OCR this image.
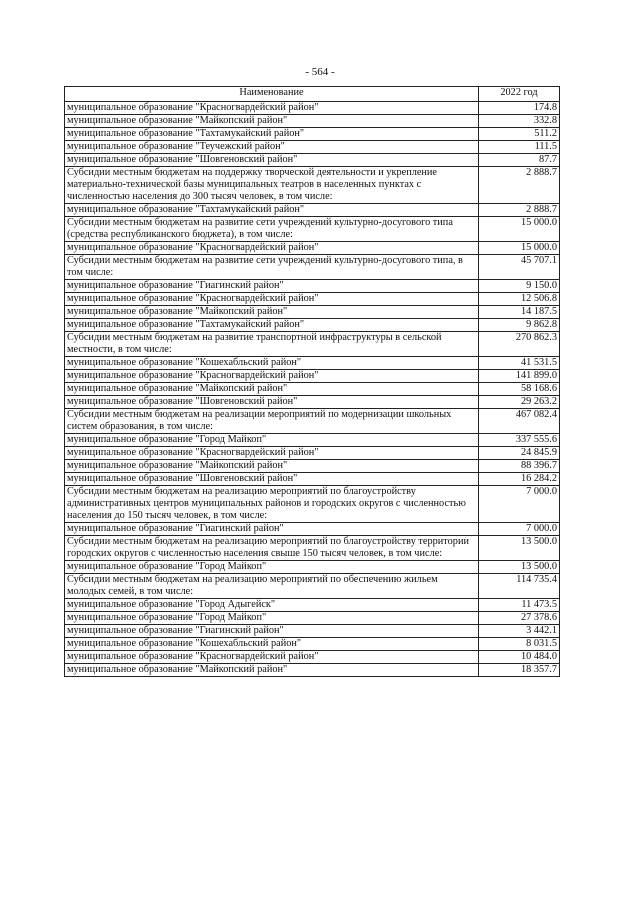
- 564 -
Наименование	2022 год
муниципальное образование "Красногвардейский район"	174.8
муниципальное образование "Майкопский район"	332.8
муниципальное образование "Тахтамукайский район"	511.2
муниципальное образование "Теучежский район"	111.5
муниципальное образование "Шовгеновский район"	87.7
Субсидии местным бюджетам на поддержку творческой деятельности и укрепление материально-технической базы муниципальных театров в населенных пунктах с численностью населения до 300 тысяч человек, в том числе:	2 888.7
муниципальное образование "Тахтамукайский район"	2 888.7
Субсидии местным бюджетам на развитие сети учреждений культурно-досугового типа (средства республиканского бюджета), в том числе:	15 000.0
муниципальное образование "Красногвардейский район"	15 000.0
Субсидии местным бюджетам на развитие сети учреждений культурно-досугового типа, в том числе:	45 707.1
муниципальное образование "Гиагинский район"	9 150.0
муниципальное образование "Красногвардейский район"	12 506.8
муниципальное образование "Майкопский район"	14 187.5
муниципальное образование "Тахтамукайский район"	9 862.8
Субсидии местным бюджетам на развитие транспортной инфраструктуры в сельской местности, в том числе:	270 862.3
муниципальное образование "Кошехабльский район"	41 531.5
муниципальное образование "Красногвардейский район"	141 899.0
муниципальное образование "Майкопский район"	58 168.6
муниципальное образование "Шовгеновский район"	29 263.2
Субсидии местным бюджетам на реализации мероприятий по модернизации школьных систем образования, в том числе:	467 082.4
муниципальное образование "Город Майкоп"	337 555.6
муниципальное образование "Красногвардейский район"	24 845.9
муниципальное образование "Майкопский район"	88 396.7
муниципальное образование "Шовгеновский район"	16 284.2
Субсидии местным бюджетам на реализацию мероприятий по благоустройству административных центров муниципальных районов и городских округов с численностью населения до 150 тысяч человек, в том числе:	7 000.0
муниципальное образование "Гиагинский район"	7 000.0
Субсидии местным бюджетам на реализацию мероприятий по благоустройству территории городских округов с численностью населения свыше 150 тысяч человек, в том числе:	13 500.0
муниципальное образование "Город Майкоп"	13 500.0
Субсидии местным бюджетам на реализацию мероприятий по обеспечению жильем молодых семей, в том числе:	114 735.4
муниципальное образование "Город Адыгейск"	11 473.5
муниципальное образование "Город Майкоп"	27 378.6
муниципальное образование "Гиагинский район"	3 442.1
муниципальное образование "Кошехабльский район"	8 031.5
муниципальное образование "Красногвардейский район"	10 484.0
муниципальное образование "Майкопский район"	18 357.7
